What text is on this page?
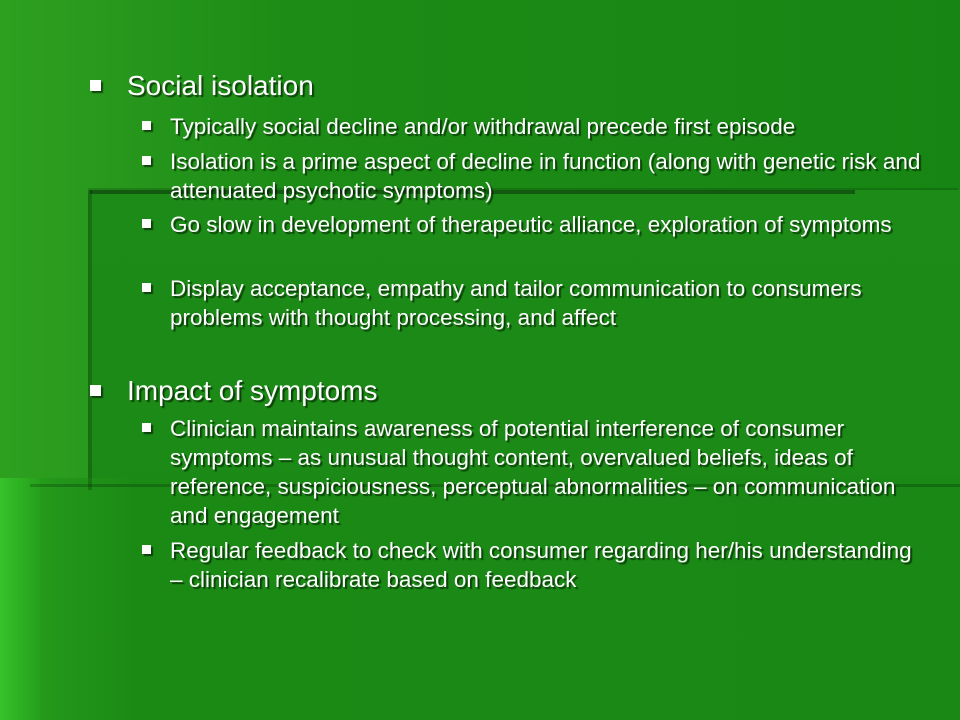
Social isolation
Typically social decline and/or withdrawal precede first episode
Isolation is a prime aspect of decline in function (along with genetic risk and attenuated psychotic symptoms)
Go slow in development of therapeutic alliance, exploration of symptoms
Display acceptance, empathy and tailor communication to consumers problems with thought processing, and affect
Impact of symptoms
Clinician maintains awareness of potential interference of consumer symptoms – as unusual thought content, overvalued beliefs, ideas of reference, suspiciousness, perceptual abnormalities – on communication and engagement
Regular feedback to check with consumer regarding her/his understanding – clinician recalibrate based on feedback
